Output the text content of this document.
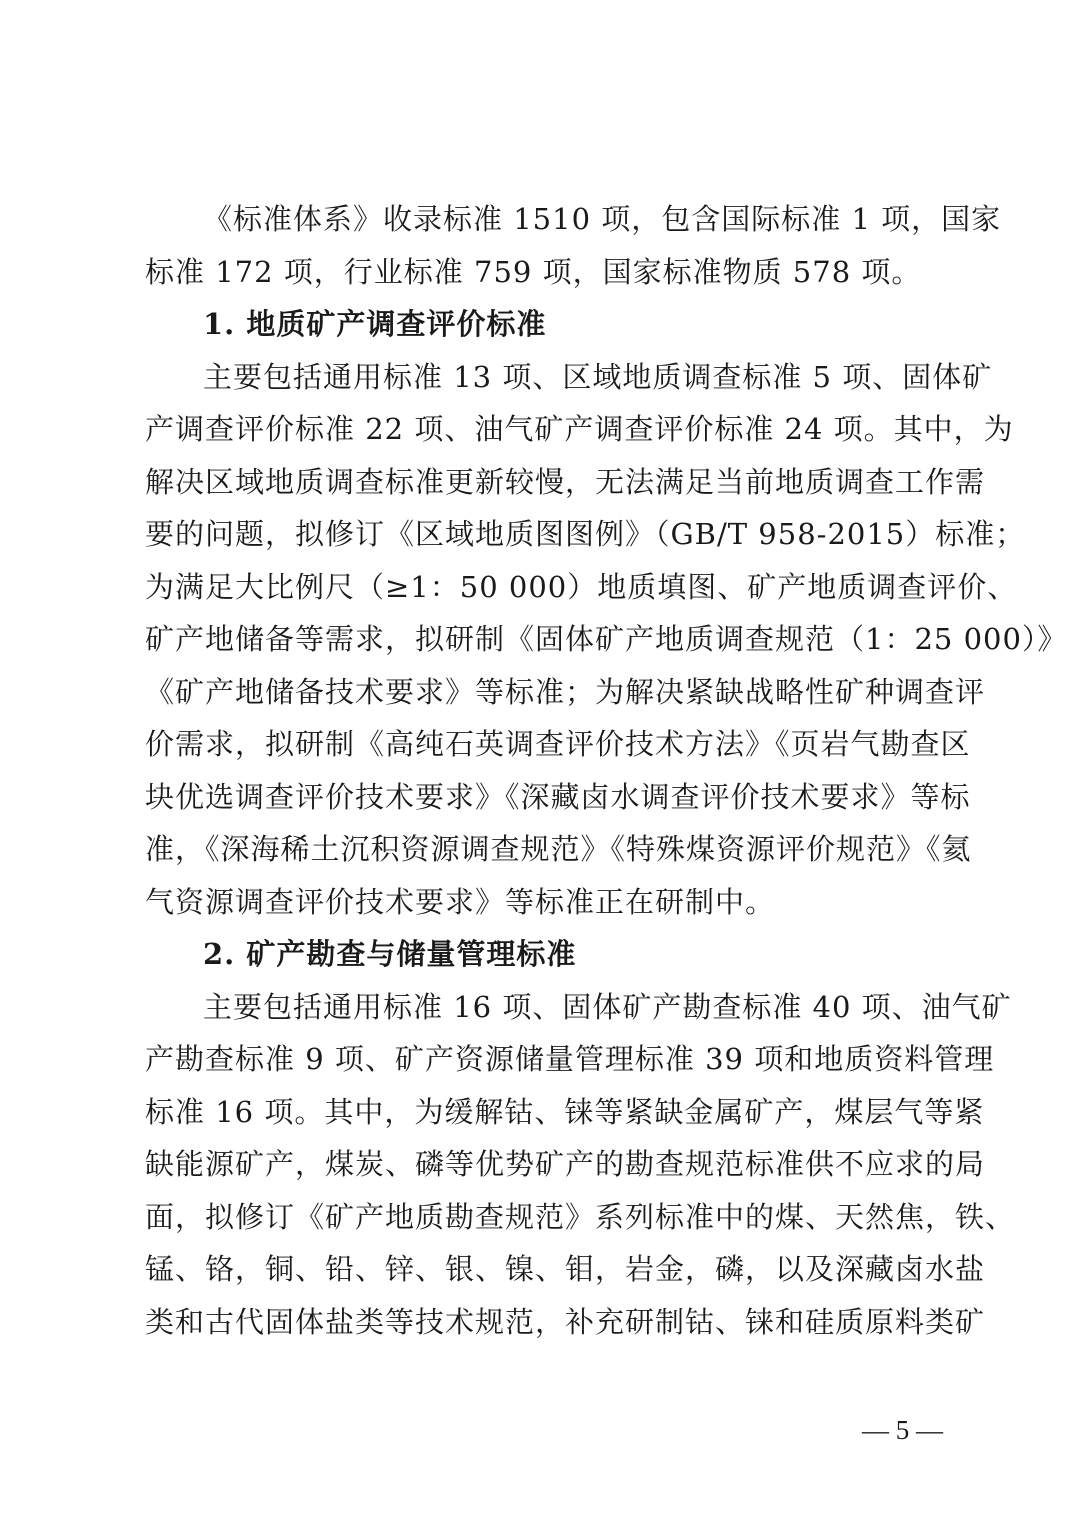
《标准体系》收录标准 1510 项，包含国际标准 1 项，国家
标准 172 项，行业标准 759 项，国家标准物质 578 项。
1. 地质矿产调查评价标准
主要包括通用标准 13 项、区域地质调查标准 5 项、固体矿
产调查评价标准 22 项、油气矿产调查评价标准 24 项。其中，为
解决区域地质调查标准更新较慢，无法满足当前地质调查工作需
要的问题，拟修订《区域地质图图例》（GB/T 958-2015）标准；
为满足大比例尺（≥1：50 000）地质填图、矿产地质调查评价、
矿产地储备等需求，拟研制《固体矿产地质调查规范（1：25 000）》
《矿产地储备技术要求》等标准；为解决紧缺战略性矿种调查评
价需求，拟研制《高纯石英调查评价技术方法》《页岩气勘查区
块优选调查评价技术要求》《深藏卤水调查评价技术要求》等标
准，《深海稀土沉积资源调查规范》《特殊煤资源评价规范》《氦
气资源调查评价技术要求》等标准正在研制中。
2. 矿产勘查与储量管理标准
主要包括通用标准 16 项、固体矿产勘查标准 40 项、油气矿
产勘查标准 9 项、矿产资源储量管理标准 39 项和地质资料管理
标准 16 项。其中，为缓解钴、铼等紧缺金属矿产，煤层气等紧
缺能源矿产，煤炭、磷等优势矿产的勘查规范标准供不应求的局
面，拟修订《矿产地质勘查规范》系列标准中的煤、天然焦，铁、
锰、铬，铜、铅、锌、银、镍、钼，岩金，磷，以及深藏卤水盐
类和古代固体盐类等技术规范，补充研制钴、铼和硅质原料类矿
— 5 —
